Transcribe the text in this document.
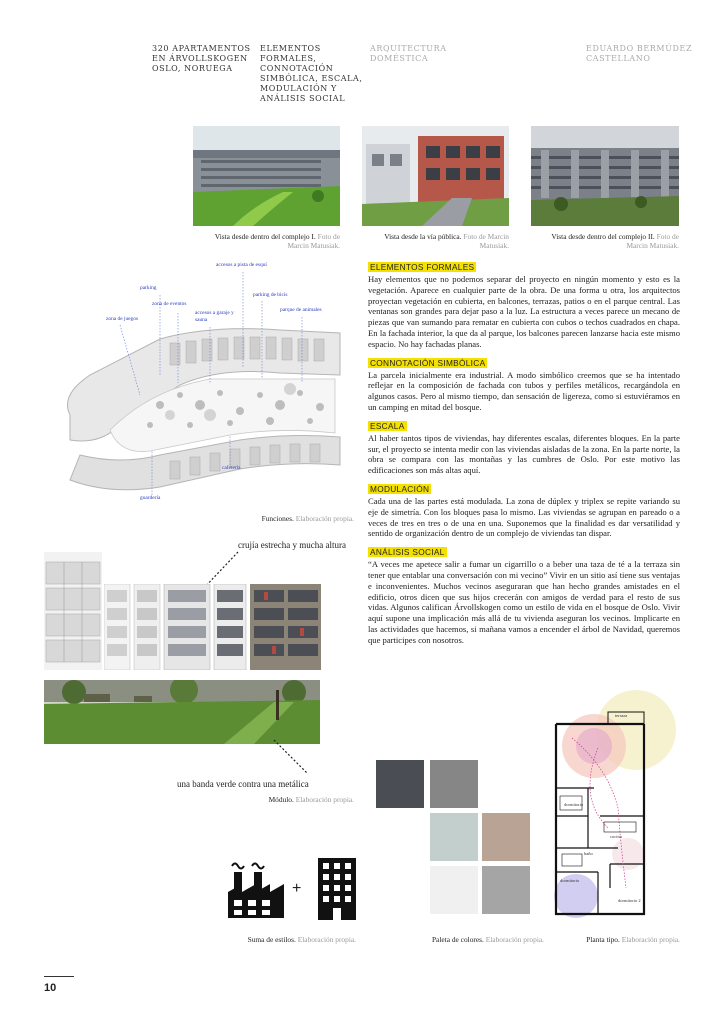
320 APARTAMENTOS
EN ÁRVOLLSKOGEN
OSLO, NORUEGA
ELEMENTOS
FORMALES,
CONNOTACIÓN
SIMBÓLICA, ESCALA,
MODULACIÓN Y
ANÁLISIS SOCIAL
ARQUITECTURA
DOMÉSTICA
EDUARDO BERMÚDEZ
CASTELLANO
Vista desde dentro del complejo I. Foto de Marcin Matusiak.
Vista desde la vía pública. Foto de Marcin Matusiak.
Vista desde dentro del complejo II. Foto de Marcin Matusiak.
accesos a pista de esquí
parking
zona de eventos
accesos a garaje y sauna
parking de bicis
parque de animales
zona de juegos
cafetería
guardería
Funciones. Elaboración propia.
ELEMENTOS FORMALES

Hay elementos que no podemos separar del proyecto en ningún momento y esto es la vegetación. Aparece en cualquier parte de la obra. De una forma u otra, los arquitectos proyectan vegetación en cubierta, en balcones, terrazas, patios o en el parque central. Las ventanas son grandes para dejar paso a la luz. La estructura a veces parece un mecano de piezas que van sumando para rematar en cubierta con cubos o techos cuadrados en chapa. En la fachada interior, la que da al parque, los balcones parecen lanzarse hacia este mismo espacio. No hay fachadas planas.

CONNOTACIÓN SIMBÓLICA

La parcela inicialmente era industrial. A modo simbólico creemos que se ha intentado reflejar en la composición de fachada con tubos y perfiles metálicos, recargándola en algunos casos. Pero al mismo tiempo, dan sensación de ligereza, como si estuviéramos en un camping en mitad del bosque.

ESCALA

Al haber tantos tipos de viviendas, hay diferentes escalas, diferentes bloques. En la parte sur, el proyecto se intenta medir con las viviendas aisladas de la zona. En la parte norte, la obra se compara con las montañas y las cumbres de Oslo. Por este motivo las edificaciones son más altas aquí.

MODULACIÓN

Cada una de las partes está modulada. La zona de dúplex y triplex se repite variando su eje de simetría. Con los bloques pasa lo mismo. Las viviendas se agrupan en pareado o a veces de tres en tres o de una en una. Suponemos que la finalidad es dar versatilidad y sentido de organización dentro de un complejo de viviendas tan dispar.

ANÁLISIS SOCIAL

“A veces me apetece salir a fumar un cigarrillo o a beber una taza de té a la terraza sin tener que entablar una conversación con mi vecino” Vivir en un sitio así tiene sus ventajas e inconvenientes. Muchos vecinos aseguraran que han hecho grandes amistades en el edificio, otros dicen que sus hijos crecerán con amigos de verdad para el resto de sus vidas. Algunos califican Árvollskogen como un estilo de vida en el bosque de Oslo. Vivir aquí supone una implicación más allá de tu vivienda aseguran los vecinos. Implicarte en las actividades que hacemos, si mañana vamos a encender el árbol de Navidad, queremos que participes con nosotros.

crujía estrecha y mucha altura
una banda verde contra una metálica
Módulo. Elaboración propia.
+
Suma de estilos. Elaboración propia.	Paleta de colores. Elaboración propia.
terraza
dormitorio
cocina
baño
dormitorio
dormitorio 2
Planta tipo. Elaboración propia.
10
